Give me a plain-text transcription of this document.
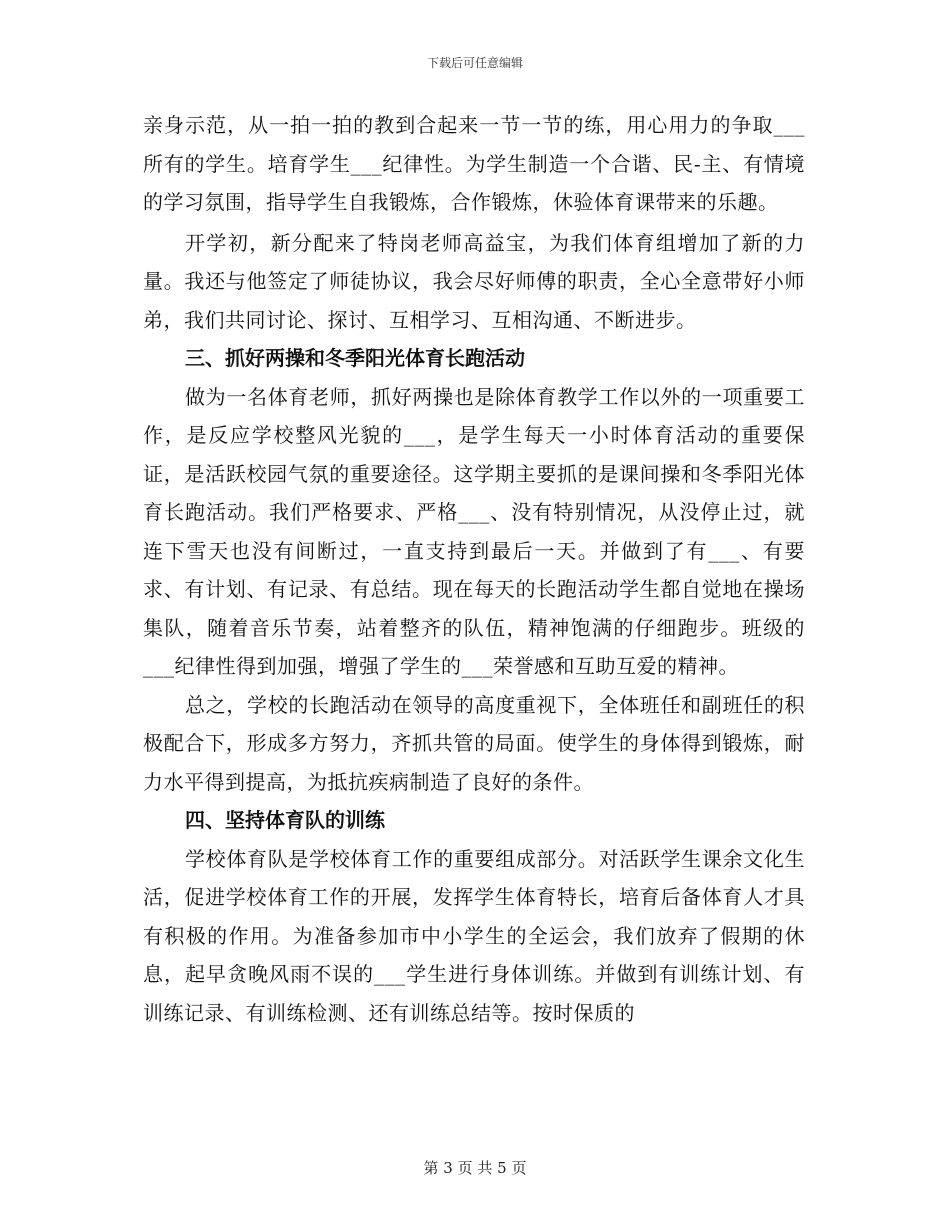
下载后可任意编辑

亲身示范，从一拍一拍的教到合起来一节一节的练，用心用力的争取___所有的学生。培育学生___纪律性。为学生制造一个合谐、民-主、有情境的学习氛围，指导学生自我锻炼，合作锻炼，休验体育课带来的乐趣。

开学初，新分配来了特岗老师高益宝，为我们体育组增加了新的力量。我还与他签定了师徒协议，我会尽好师傅的职责，全心全意带好小师弟，我们共同讨论、探讨、互相学习、互相沟通、不断进步。

三、抓好两操和冬季阳光体育长跑活动

做为一名体育老师，抓好两操也是除体育教学工作以外的一项重要工作，是反应学校整风光貌的___，是学生每天一小时体育活动的重要保证，是活跃校园气氛的重要途径。这学期主要抓的是课间操和冬季阳光体育长跑活动。我们严格要求、严格___、没有特别情况，从没停止过，就连下雪天也没有间断过，一直支持到最后一天。并做到了有___、有要求、有计划、有记录、有总结。现在每天的长跑活动学生都自觉地在操场集队，随着音乐节奏，站着整齐的队伍，精神饱满的仔细跑步。班级的___纪律性得到加强，增强了学生的___荣誉感和互助互爱的精神。

总之，学校的长跑活动在领导的高度重视下，全体班任和副班任的积极配合下，形成多方努力，齐抓共管的局面。使学生的身体得到锻炼，耐力水平得到提高，为抵抗疾病制造了良好的条件。

四、坚持体育队的训练

学校体育队是学校体育工作的重要组成部分。对活跃学生课余文化生活，促进学校体育工作的开展，发挥学生体育特长，培育后备体育人才具有积极的作用。为准备参加市中小学生的全运会，我们放弃了假期的休息，起早贪晚风雨不误的___学生进行身体训练。并做到有训练计划、有训练记录、有训练检测、还有训练总结等。按时保质的

第 3 页 共 5 页
